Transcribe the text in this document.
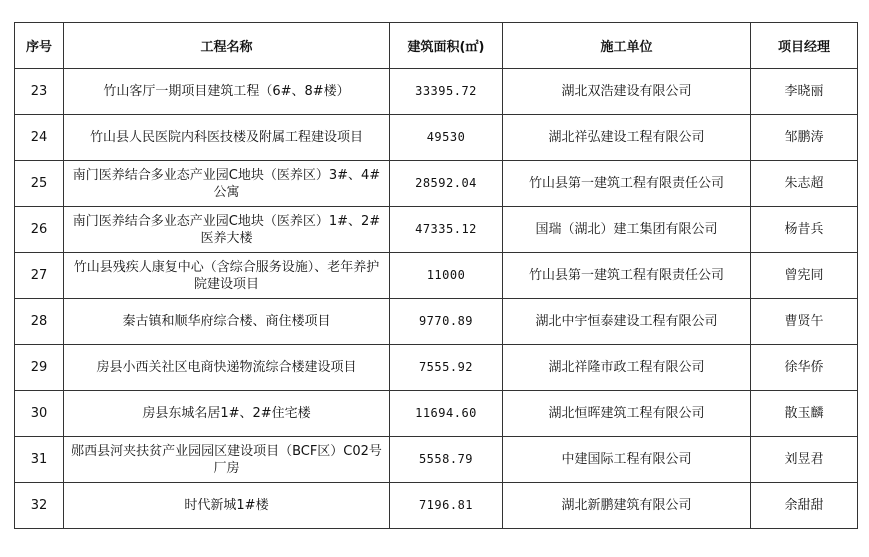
序号	工程名称	建筑面积(㎡)	施工单位	项目经理
23	竹山客厅一期项目建筑工程（6#、8#楼）	33395.72	湖北双浩建设有限公司	李晓丽
24	竹山县人民医院内科医技楼及附属工程建设项目	49530	湖北祥弘建设工程有限公司	邹鹏涛
25	南门医养结合多业态产业园C地块（医养区）3#、4#公寓	28592.04	竹山县第一建筑工程有限责任公司	朱志超
26	南门医养结合多业态产业园C地块（医养区）1#、2#医养大楼	47335.12	国瑞（湖北）建工集团有限公司	杨昔兵
27	竹山县残疾人康复中心（含综合服务设施）、老年养护院建设项目	11000	竹山县第一建筑工程有限责任公司	曾宪同
28	秦古镇和顺华府综合楼、商住楼项目	9770.89	湖北中宇恒泰建设工程有限公司	曹贤午
29	房县小西关社区电商快递物流综合楼建设项目	7555.92	湖北祥隆市政工程有限公司	徐华侨
30	房县东城名居1#、2#住宅楼	11694.60	湖北恒晖建筑工程有限公司	散玉麟
31	郧西县河夹扶贫产业园园区建设项目（BCF区）C02号厂房	5558.79	中建国际工程有限公司	刘昱君
32	时代新城1#楼	7196.81	湖北新鹏建筑有限公司	余甜甜
